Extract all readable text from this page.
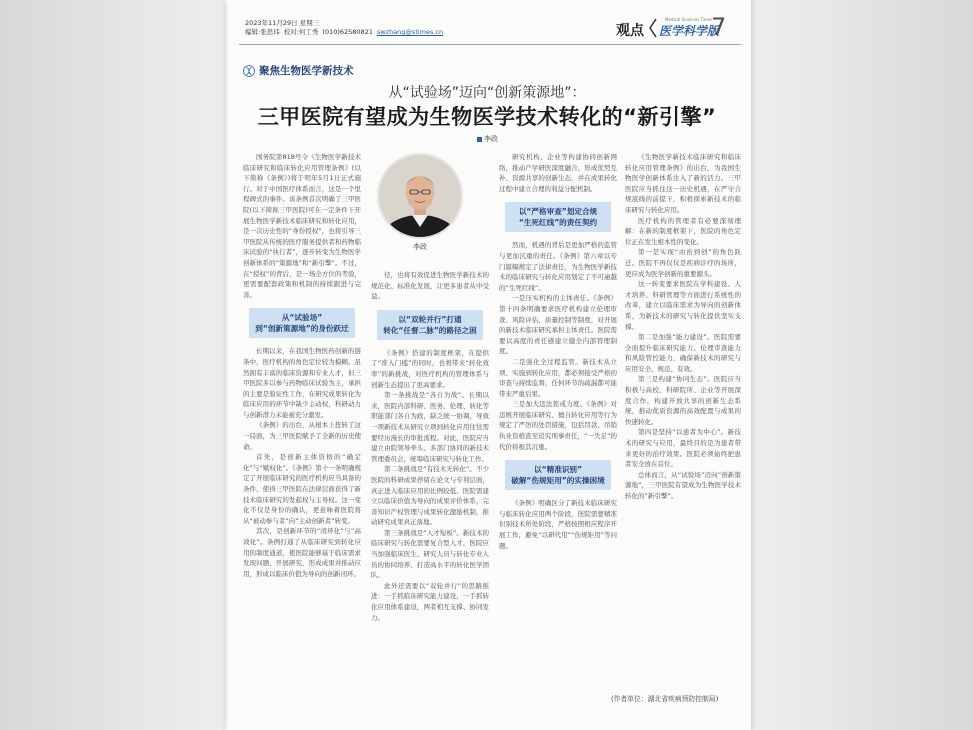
2023年11月29日 星期三
编辑:张思玮 校对:何工秀 (010)62580821 swzhang@stimes.cn	观点
Medical Sciences Times
医学科学版
7
聚焦生物医学新技术
从“试验场”迈向“创新策源地”：
三甲医院有望成为生物医学技术转化的“新引擎”
李政

国务院第818号令《生物医学新技术临床研究和临床转化应用管理条例》(以下简称《条例》)将于明年5月1日正式施行。对于中国医疗体系而言，这是一个里程碑式的事件。该条例首次明确了三甲医院(以下简称三甲医院)可在一定条件下开展生物医学新技术临床研究和转化应用，是一次历史性的“身份授权”，也将引导三甲医院从传统的医疗服务提供者和药物临床试验的“执行者”，逐步转变为生物医学创新体系的“策源地”和“新引擎”。不过，在“授权”的背后，是一场全方位的考验，更需要配套政策和机制的持续跟进与完善。

从“试验场”
到“创新策源地”的身份跃迁

长期以来，在我国生物医药创新的链条中，医疗机构的角色定位较为模糊。虽然拥有丰富的临床资源和专业人才，但三甲医院多以参与药物临床试验为主，承担的主要是验证性工作，在研究成果转化为临床应用的环节中缺少主动权，科研动力与创新潜力未能被充分激发。

《条例》的出台，从根本上扭转了这一局面，为三甲医院赋予了全新的历史使命。

首先，是创新主体资格的“确定化”与“赋权化”。《条例》第十一条明确规定了开展临床研究的医疗机构应当具备的条件，使得三甲医院在法律层面获得了新技术临床研究的发起权与主导权。这一变化不仅是身份的确认，更意味着医院将从“被动参与者”向“主动创新者”转变。

其次，是创新环节的“闭环化”与“高效化”。条例打通了从临床研究到转化应用的制度通道，使医院能够基于临床需求发现问题、开展研究、形成成果并推动应用，形成以临床价值为导向的创新闭环。

李政

径，也将有效促进生物医学新技术的规范化、标准化发展，让更多患者从中受益。

以“双轮并行”打通
转化“任督二脉”的路径之困

《条例》搭建的制度框架，在提供了“准入门槛”的同时，也将带来“转化效率”的新挑战，对医疗机构的管理体系与创新生态提出了更高要求。

第一条挑战是“各自为战”。长期以来，医院内部科研、医务、伦理、转化等职能部门各自为政，缺乏统一协调，导致一项新技术从研究立项到转化应用往往需要经历漫长的审批流程。对此，医院应当建立由院领导牵头、多部门协同的新技术管理委员会，统筹临床研究与转化工作。

第二条挑战是“有技术无转化”。不少医院的科研成果停留在论文与专利层面，真正进入临床应用的比例较低。医院需建立以临床价值为导向的成果评价体系，完善知识产权管理与成果转化激励机制，推动研究成果真正落地。

第三条挑战是“人才短板”。新技术的临床研究与转化需要复合型人才，医院应当加强临床医生、研究人员与转化专业人员的协同培养，打造高水平的转化医学团队。

此外还需要以“双轮并行”的思路推进：一手抓临床研究能力建设，一手抓转化应用体系建设，两者相互支撑、协同发力。

研究机构、企业等构建协同创新网络，推动产学研医深度融合，形成优势互补、资源共享的创新生态，并在成果转化过程中建立合理的利益分配机制。

以“严格审查”划定合规
“生死红线”的责任契约

然而，机遇的背后是更加严格的监管与更加沉重的责任。《条例》第六章以专门篇幅规定了法律责任，为生物医学新技术的临床研究与转化应用划定了不可逾越的“生死红线”。

一是压实机构的主体责任。《条例》第十四条明确要求医疗机构建立伦理审查、风险评估、质量控制等制度，对开展的新技术临床研究承担主体责任。医院需要以高度的责任感建立健全内部管理制度。

二是强化全过程监管。新技术从立项、实施到转化应用，都必须接受严格的审查与持续监督，任何环节的疏漏都可能带来严重后果。

三是加大违法惩戒力度。《条例》对违规开展临床研究、擅自转化应用等行为规定了严厉的处罚措施，包括罚款、吊销执业资格直至追究刑事责任，“一失足”的代价将极其沉重。

以“精准识别”
破解“伤规矩用”的实操困境

《条例》明确区分了新技术临床研究与临床转化应用两个阶段，医院需要精准识别技术所处阶段，严格按照相应程序开展工作，避免“以研代用”“伤规矩用”等问题。

《生物医学新技术临床研究和临床转化应用管理条例》的出台，为我国生物医学创新体系注入了新的活力。三甲医院应当抓住这一历史机遇，在严守合规底线的前提下，积极探索新技术的临床研究与转化应用。

医疗机构的管理者有必要深刻理解：在新的制度框架下，医院的角色定位正在发生根本性的变化。

第一是实现“由治到创”的角色跃迁。医院不再仅仅是疾病诊疗的场所，更应成为医学创新的重要源头。

这一转变要求医院在学科建设、人才培养、科研管理等方面进行系统性的改革，建立以临床需求为导向的创新体系，为新技术的研究与转化提供坚实支撑。

第二是加强“能力建设”。医院需要全面提升临床研究能力、伦理审查能力和风险管控能力，确保新技术的研究与应用安全、规范、有效。

第三是构建“协同生态”。医院应当积极与高校、科研院所、企业等开展深度合作，构建开放共享的创新生态系统，推动优质资源的高效配置与成果的快速转化。

第四是坚持“以患者为中心”。新技术的研究与应用，最终目的是为患者带来更好的治疗效果。医院必须始终把患者安全放在首位。

总体而言，从“试验场”迈向“创新策源地”，三甲医院有望成为生物医学技术转化的“新引擎”。

(作者单位：湖北省疾病预防控制局)
